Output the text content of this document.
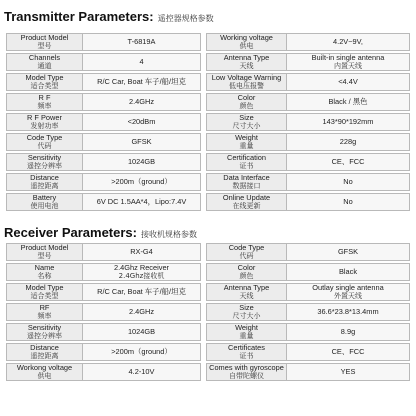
Transmitter Parameters: 遥控器规格参数
Product Model
型号	T-6819A

Channels
通道	4

Model Type
适合类型	R/C Car, Boat 车子/船/坦克

R F
频率	2.4GHz

R F Power
发射功率	<20dBm

Code Type
代码	GFSK

Sensitivity
遥控分辨率	1024GB

Distance
遥控距离	>200m（ground）

Battery
使用电池	6V DC 1.5AA*4，Lipo:7.4V
Working voltage
供电	4.2V~9V,

Antenna Type
天线	Built-in single antenna
内置天线

Low Voltage Warning
低电压报警	<4.4V

Color
颜色	Black / 黑色

Size
尺寸大小	143*90*192mm

Weight
重量	228g

Certification
证书	CE、FCC

Data Interface
数据接口	No

Online Update
在线更新	No
Receiver Parameters: 接收机规格参数
Product Model
型号	RX-G4

Name
名称	2.4Ghz Receiver
2.4Ghz接收机

Model Type
适合类型	R/C Car, Boat 车子/船/坦克

RF
频率	2.4GHz

Sensitivity
遥控分辨率	1024GB

Distance
遥控距离	>200m（ground）

Workong voltage
供电	4.2-10V
Code Type
代码	GFSK

Color
颜色	Black

Antenna Type
天线	Outlay single antenna
外置天线

Size
尺寸大小	36.6*23.8*13.4mm

Weight
重量	8.9g

Certificates
证书	CE、FCC

Comes with gyroscope
自带陀螺仪	YES
